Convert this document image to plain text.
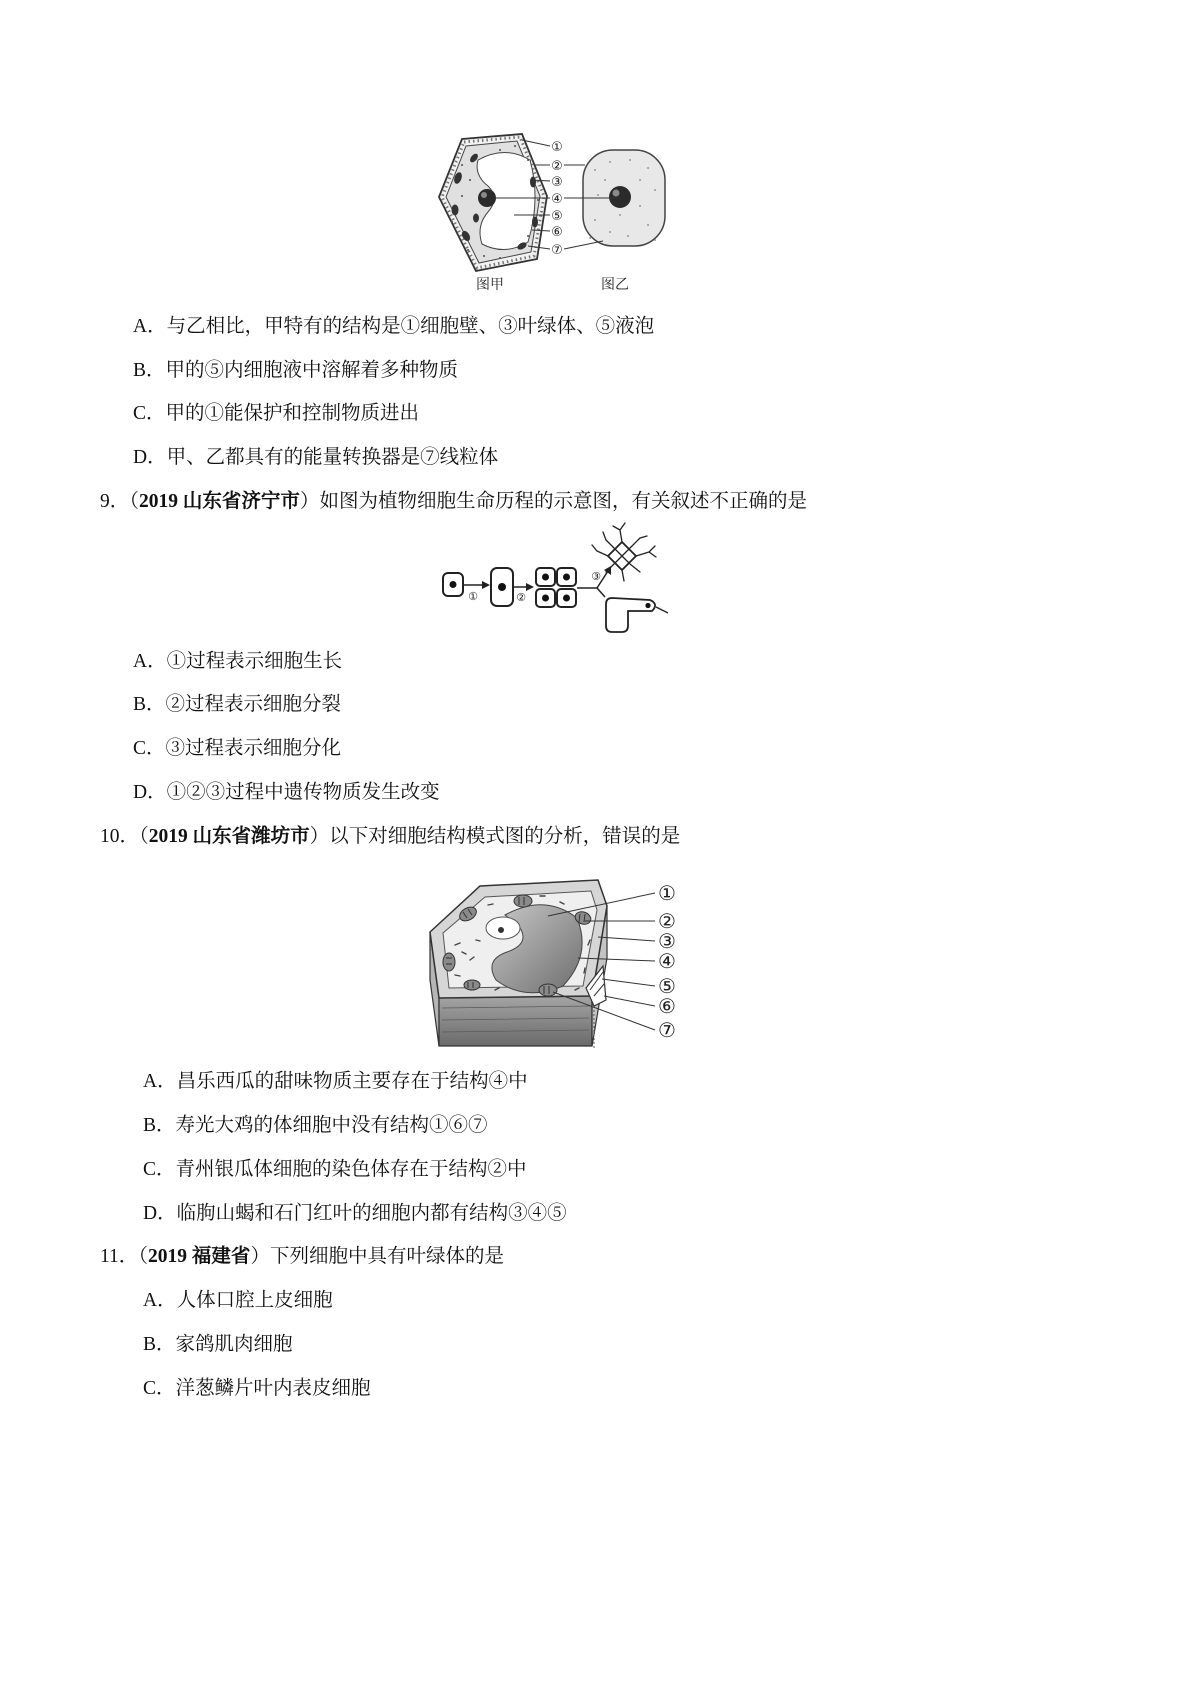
①
②
③
④
⑤
⑥
⑦
图甲	图乙
A．与乙相比，甲特有的结构是①细胞壁、③叶绿体、⑤液泡
B．甲的⑤内细胞液中溶解着多种物质
C．甲的①能保护和控制物质进出
D．甲、乙都具有的能量转换器是⑦线粒体
9．（2019 山东省济宁市）如图为植物细胞生命历程的示意图，有关叙述不正确的是
①	②
③
A．①过程表示细胞生长
B．②过程表示细胞分裂
C．③过程表示细胞分化
D．①②③过程中遗传物质发生改变
10．（2019 山东省潍坊市）以下对细胞结构模式图的分析，错误的是
①
②
③
④
⑤
⑥
⑦
A．昌乐西瓜的甜味物质主要存在于结构④中
B．寿光大鸡的体细胞中没有结构①⑥⑦
C．青州银瓜体细胞的染色体存在于结构②中
D．临朐山蝎和石门红叶的细胞内都有结构③④⑤
11．（2019 福建省）下列细胞中具有叶绿体的是
A．人体口腔上皮细胞
B．家鸽肌肉细胞
C．洋葱鳞片叶内表皮细胞
